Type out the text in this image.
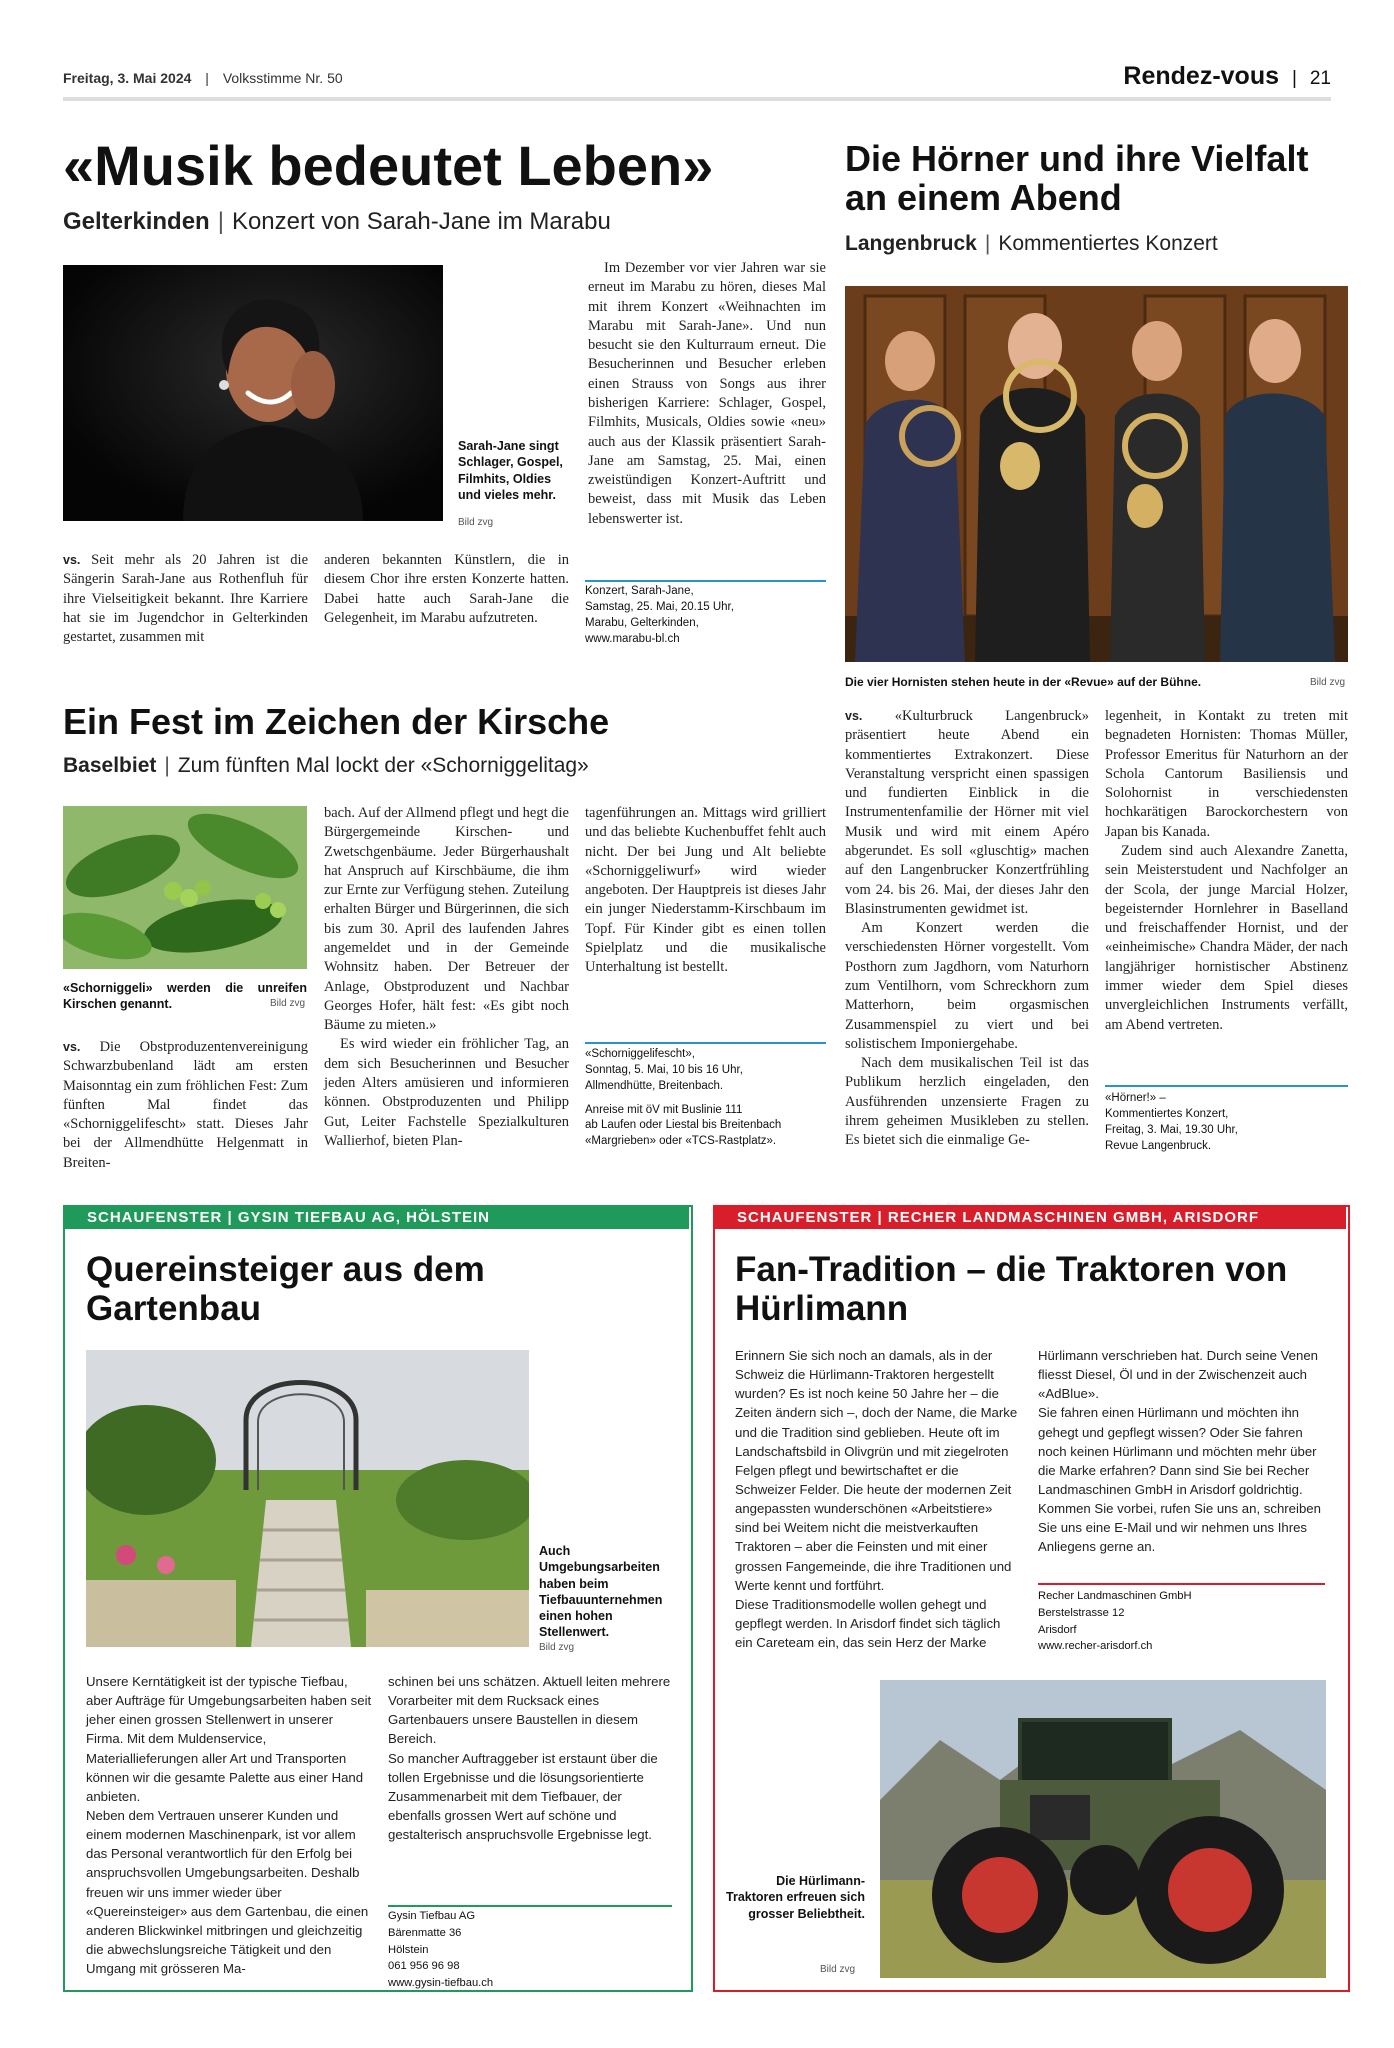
Freitag, 3. Mai 2024 | Volksstimme Nr. 50	Rendez-vous | 21
«Musik bedeutet Leben»
Gelterkinden | Konzert von Sarah-Jane im Marabu
Sarah-Jane singt Schlager, Gospel, Filmhits, Oldies und vieles mehr.
Bild zvg

Im Dezember vor vier Jahren war sie erneut im Marabu zu hören, dieses Mal mit ihrem Konzert «Weihnachten im Marabu mit Sarah-Jane». Und nun besucht sie den Kulturraum erneut. Die Besucherinnen und Besucher erleben einen Strauss von Songs aus ihrer bisherigen Karriere: Schlager, Gospel, Filmhits, Musicals, Oldies sowie «neu» auch aus der Klassik präsentiert Sarah-Jane am Samstag, 25. Mai, einen zweistündigen Konzert-Auftritt und beweist, dass mit Musik das Leben lebenswerter ist.

vs. Seit mehr als 20 Jahren ist die Sängerin Sarah-Jane aus Rothenfluh für ihre Vielseitigkeit bekannt. Ihre Karriere hat sie im Jugendchor in Gelterkinden gestartet, zusammen mit

anderen bekannten Künstlern, die in diesem Chor ihre ersten Konzerte hatten. Dabei hatte auch Sarah-Jane die Gelegenheit, im Marabu aufzutreten.

Konzert, Sarah-Jane,
Samstag, 25. Mai, 20.15 Uhr,
Marabu, Gelterkinden,
www.marabu-bl.ch
Die Hörner und ihre Vielfalt an einem Abend
Langenbruck | Kommentiertes Konzert
Die vier Hornisten stehen heute in der «Revue» auf der Bühne.	Bild zvg

vs. «Kulturbruck Langenbruck» präsentiert heute Abend ein kommentiertes Extrakonzert. Diese Veranstaltung verspricht einen spassigen und fundierten Einblick in die Instrumentenfamilie der Hörner mit viel Musik und wird mit einem Apéro abgerundet. Es soll «gluschtig» machen auf den Langenbrucker Konzertfrühling vom 24. bis 26. Mai, der dieses Jahr den Blasinstrumenten gewidmet ist.

Am Konzert werden die verschiedensten Hörner vorgestellt. Vom Posthorn zum Jagdhorn, vom Naturhorn zum Ventilhorn, vom Schreckhorn zum Matterhorn, beim orgasmischen Zusammenspiel zu viert und bei solistischem Imponiergehabe.

Nach dem musikalischen Teil ist das Publikum herzlich eingeladen, den Ausführenden unzensierte Fragen zu ihrem geheimen Musikleben zu stellen. Es bietet sich die einmalige Ge-

legenheit, in Kontakt zu treten mit begnadeten Hornisten: Thomas Müller, Professor Emeritus für Naturhorn an der Schola Cantorum Basiliensis und Solohornist in verschiedensten hochkarätigen Barockorchestern von Japan bis Kanada.

Zudem sind auch Alexandre Zanetta, sein Meisterstudent und Nachfolger an der Scola, der junge Marcial Holzer, begeisternder Hornlehrer in Baselland und freischaffender Hornist, und der «einheimische» Chandra Mäder, der nach langjähriger hornistischer Abstinenz immer wieder dem Spiel dieses unvergleichlichen Instruments verfällt, am Abend vertreten.

«Hörner!» –
Kommentiertes Konzert,
Freitag, 3. Mai, 19.30 Uhr,
Revue Langenbruck.
Ein Fest im Zeichen der Kirsche
Baselbiet | Zum fünften Mal lockt der «Schorniggelitag»
«Schorniggeli» werden die unreifen Kirschen genannt.	Bild zvg

vs. Die Obstproduzentenvereinigung Schwarzbubenland lädt am ersten Maisonntag ein zum fröhlichen Fest: Zum fünften Mal findet das «Schorniggelifescht» statt. Dieses Jahr bei der Allmendhütte Helgenmatt in Breiten-

bach. Auf der Allmend pflegt und hegt die Bürgergemeinde Kirschen- und Zwetschgenbäume. Jeder Bürgerhaushalt hat Anspruch auf Kirschbäume, die ihm zur Ernte zur Verfügung stehen. Zuteilung erhalten Bürger und Bürgerinnen, die sich bis zum 30. April des laufenden Jahres angemeldet und in der Gemeinde Wohnsitz haben. Der Betreuer der Anlage, Obstproduzent und Nachbar Georges Hofer, hält fest: «Es gibt noch Bäume zu mieten.»

Es wird wieder ein fröhlicher Tag, an dem sich Besucherinnen und Besucher jeden Alters amüsieren und informieren können. Obstproduzenten und Philipp Gut, Leiter Fachstelle Spezialkulturen Wallierhof, bieten Plan-

tagenführungen an. Mittags wird grilliert und das beliebte Kuchenbuffet fehlt auch nicht. Der bei Jung und Alt beliebte «Schorniggeliwurf» wird wieder angeboten. Der Hauptpreis ist dieses Jahr ein junger Niederstamm-Kirschbaum im Topf. Für Kinder gibt es einen tollen Spielplatz und die musikalische Unterhaltung ist bestellt.

«Schorniggelifescht»,
Sonntag, 5. Mai, 10 bis 16 Uhr,
Allmendhütte, Breitenbach.
Anreise mit öV mit Buslinie 111
ab Laufen oder Liestal bis Breitenbach
«Margrieben» oder «TCS-Rastplatz».
SCHAUFENSTER | GYSIN TIEFBAU AG, HÖLSTEIN
Quereinsteiger aus dem Gartenbau
Auch Umgebungsarbeiten haben beim Tiefbauunternehmen einen hohen Stellenwert.
Bild zvg

Unsere Kerntätigkeit ist der typische Tiefbau, aber Aufträge für Umgebungsarbeiten haben seit jeher einen grossen Stellenwert in unserer Firma. Mit dem Muldenservice, Materiallieferungen aller Art und Transporten können wir die gesamte Palette aus einer Hand anbieten.

Neben dem Vertrauen unserer Kunden und einem modernen Maschinenpark, ist vor allem das Personal verantwortlich für den Erfolg bei anspruchsvollen Umgebungsarbeiten. Deshalb freuen wir uns immer wieder über «Quereinsteiger» aus dem Gartenbau, die einen anderen Blickwinkel mitbringen und gleichzeitig die abwechslungsreiche Tätigkeit und den Umgang mit grösseren Ma-

schinen bei uns schätzen. Aktuell leiten mehrere Vorarbeiter mit dem Rucksack eines Gartenbauers unsere Baustellen in diesem Bereich.

So mancher Auftraggeber ist erstaunt über die tollen Ergebnisse und die lösungsorientierte Zusammenarbeit mit dem Tiefbauer, der ebenfalls grossen Wert auf schöne und gestalterisch anspruchsvolle Ergebnisse legt.

Gysin Tiefbau AG
Bärenmatte 36
Hölstein
061 956 96 98
www.gysin-tiefbau.ch
SCHAUFENSTER | RECHER LANDMASCHINEN GMBH, ARISDORF
Fan-Tradition – die Traktoren von Hürlimann

Erinnern Sie sich noch an damals, als in der Schweiz die Hürlimann-Traktoren hergestellt wurden? Es ist noch keine 50 Jahre her – die Zeiten ändern sich –, doch der Name, die Marke und die Tradition sind geblieben. Heute oft im Landschaftsbild in Olivgrün und mit ziegelroten Felgen pflegt und bewirtschaftet er die Schweizer Felder. Die heute der modernen Zeit angepassten wunderschönen «Arbeitstiere» sind bei Weitem nicht die meistverkauften Traktoren – aber die Feinsten und mit einer grossen Fangemeinde, die ihre Traditionen und Werte kennt und fortführt.

Diese Traditionsmodelle wollen gehegt und gepflegt werden. In Arisdorf findet sich täglich ein Careteam ein, das sein Herz der Marke

Hürlimann verschrieben hat. Durch seine Venen fliesst Diesel, Öl und in der Zwischenzeit auch «AdBlue».

Sie fahren einen Hürlimann und möchten ihn gehegt und gepflegt wissen? Oder Sie fahren noch keinen Hürlimann und möchten mehr über die Marke erfahren? Dann sind Sie bei Recher Landmaschinen GmbH in Arisdorf goldrichtig. Kommen Sie vorbei, rufen Sie uns an, schreiben Sie uns eine E-Mail und wir nehmen uns Ihres Anliegens gerne an.

Recher Landmaschinen GmbH
Berstelstrasse 12
Arisdorf
www.recher-arisdorf.ch
Die Hürlimann-Traktoren erfreuen sich grosser Beliebtheit.
Bild zvg
